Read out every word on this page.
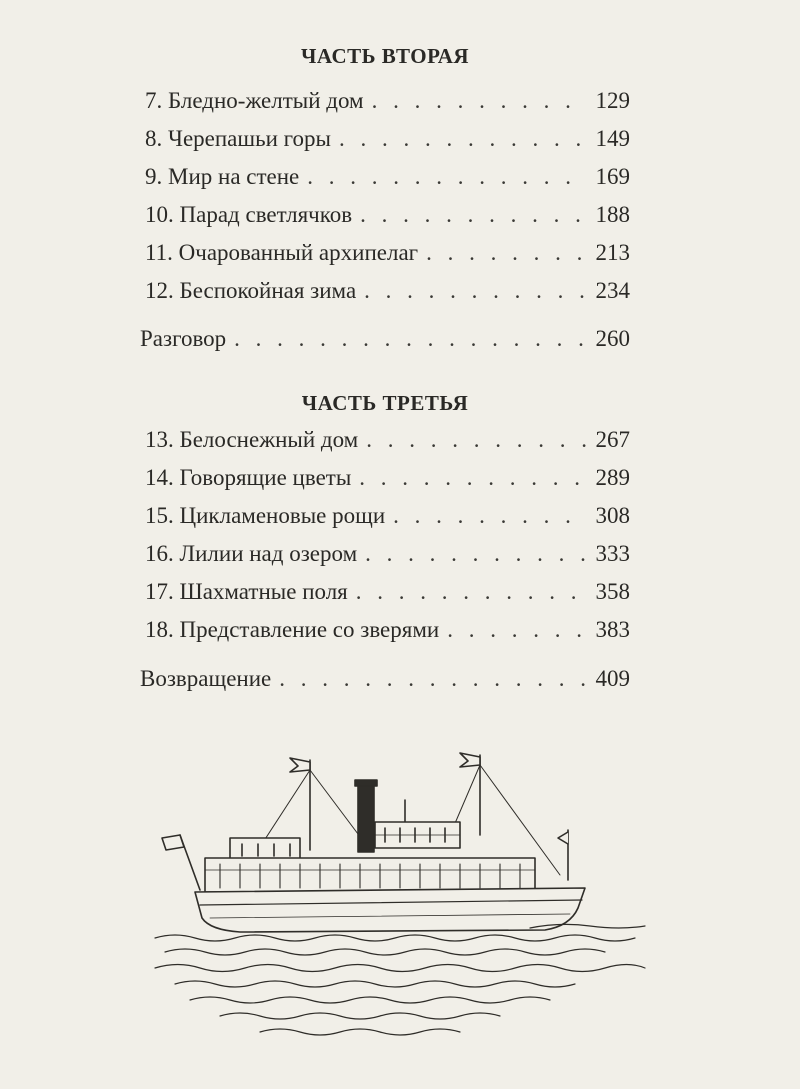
ЧАСТЬ ВТОРАЯ
7. Бледно-желтый дом . . .	129
8. Черепашьи горы . . .	149
9. Мир на стене . . .	169
10. Парад светлячков . . .	188
11. Очарованный архипелаг . . .	213
12. Беспокойная зима . . .	234
Разговор . . .	260
ЧАСТЬ ТРЕТЬЯ
13. Белоснежный дом . . .	267
14. Говорящие цветы . . .	289
15. Цикламеновые рощи . . .	308
16. Лилии над озером . . .	333
17. Шахматные поля . . .	358
18. Представление со зверями . . .	383
Возвращение . . .	409
